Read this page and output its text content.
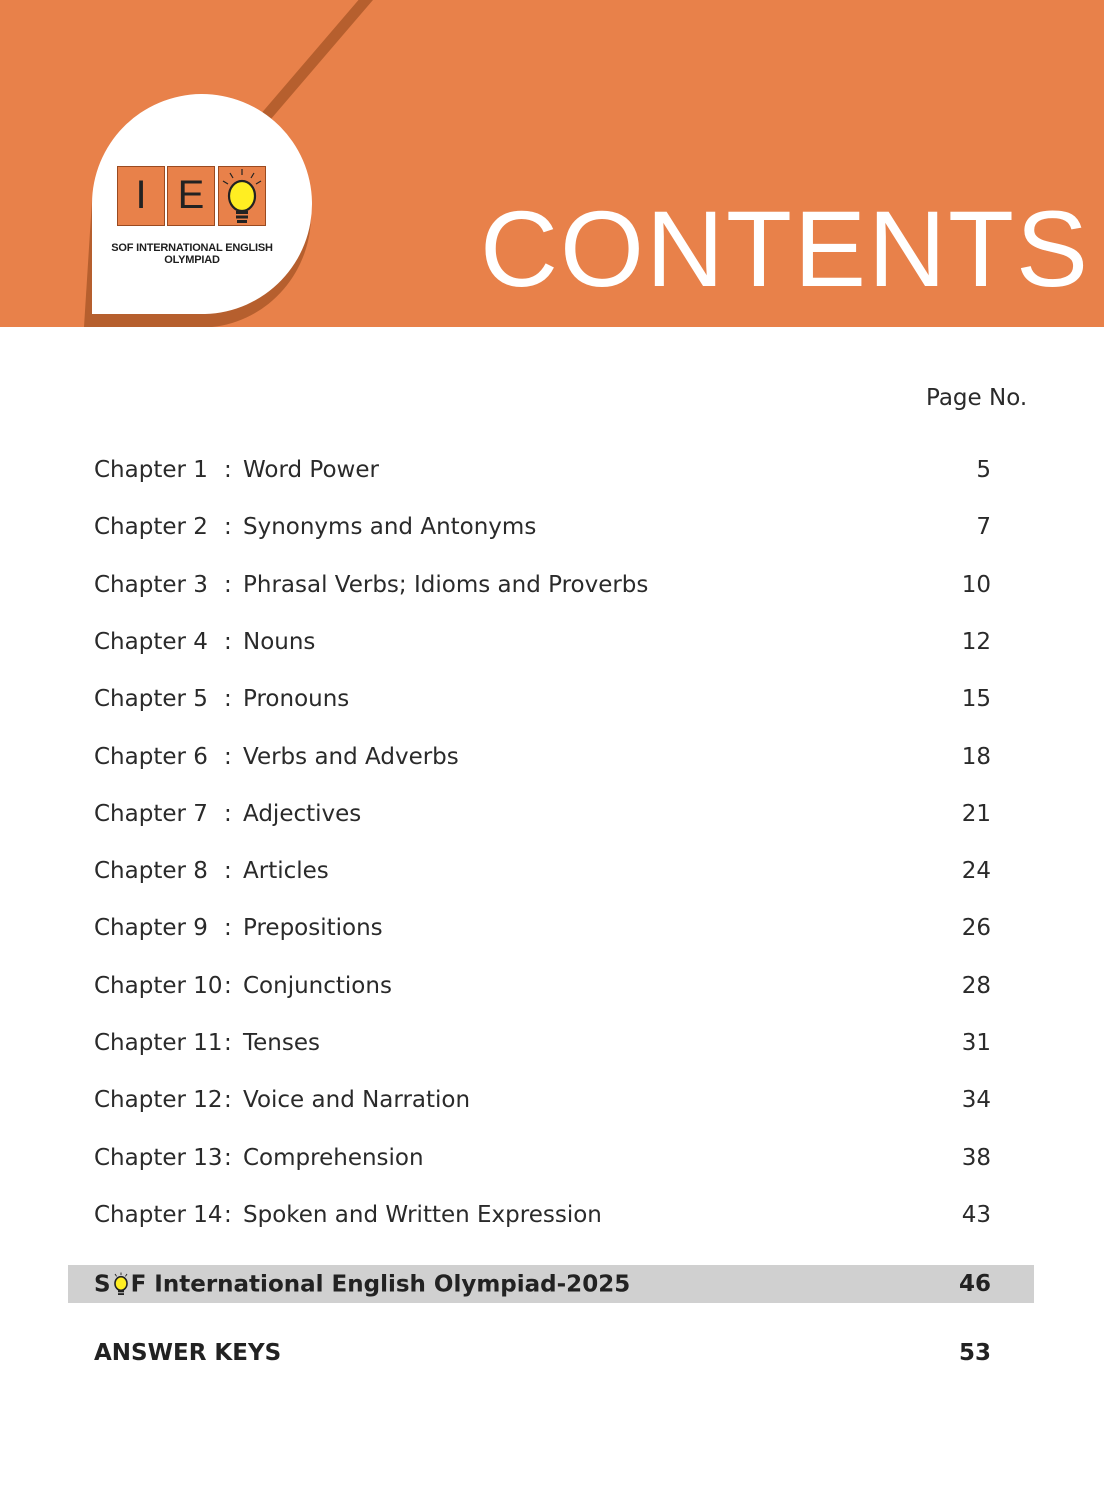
I E
SOF INTERNATIONAL ENGLISH
OLYMPIAD	CONTENTS
Page No.
Chapter 1 : Word Power	5
Chapter 2 : Synonyms and Antonyms	7
Chapter 3 : Phrasal Verbs; Idioms and Proverbs	10
Chapter 4 : Nouns	12
Chapter 5 : Pronouns	15
Chapter 6 : Verbs and Adverbs	18
Chapter 7 : Adjectives	21
Chapter 8 : Articles	24
Chapter 9 : Prepositions	26
Chapter 10 : Conjunctions	28
Chapter 11 : Tenses	31
Chapter 12 : Voice and Narration	34
Chapter 13 : Comprehension	38
Chapter 14 : Spoken and Written Expression	43
S F International English Olympiad-2025	46
ANSWER KEYS	53
